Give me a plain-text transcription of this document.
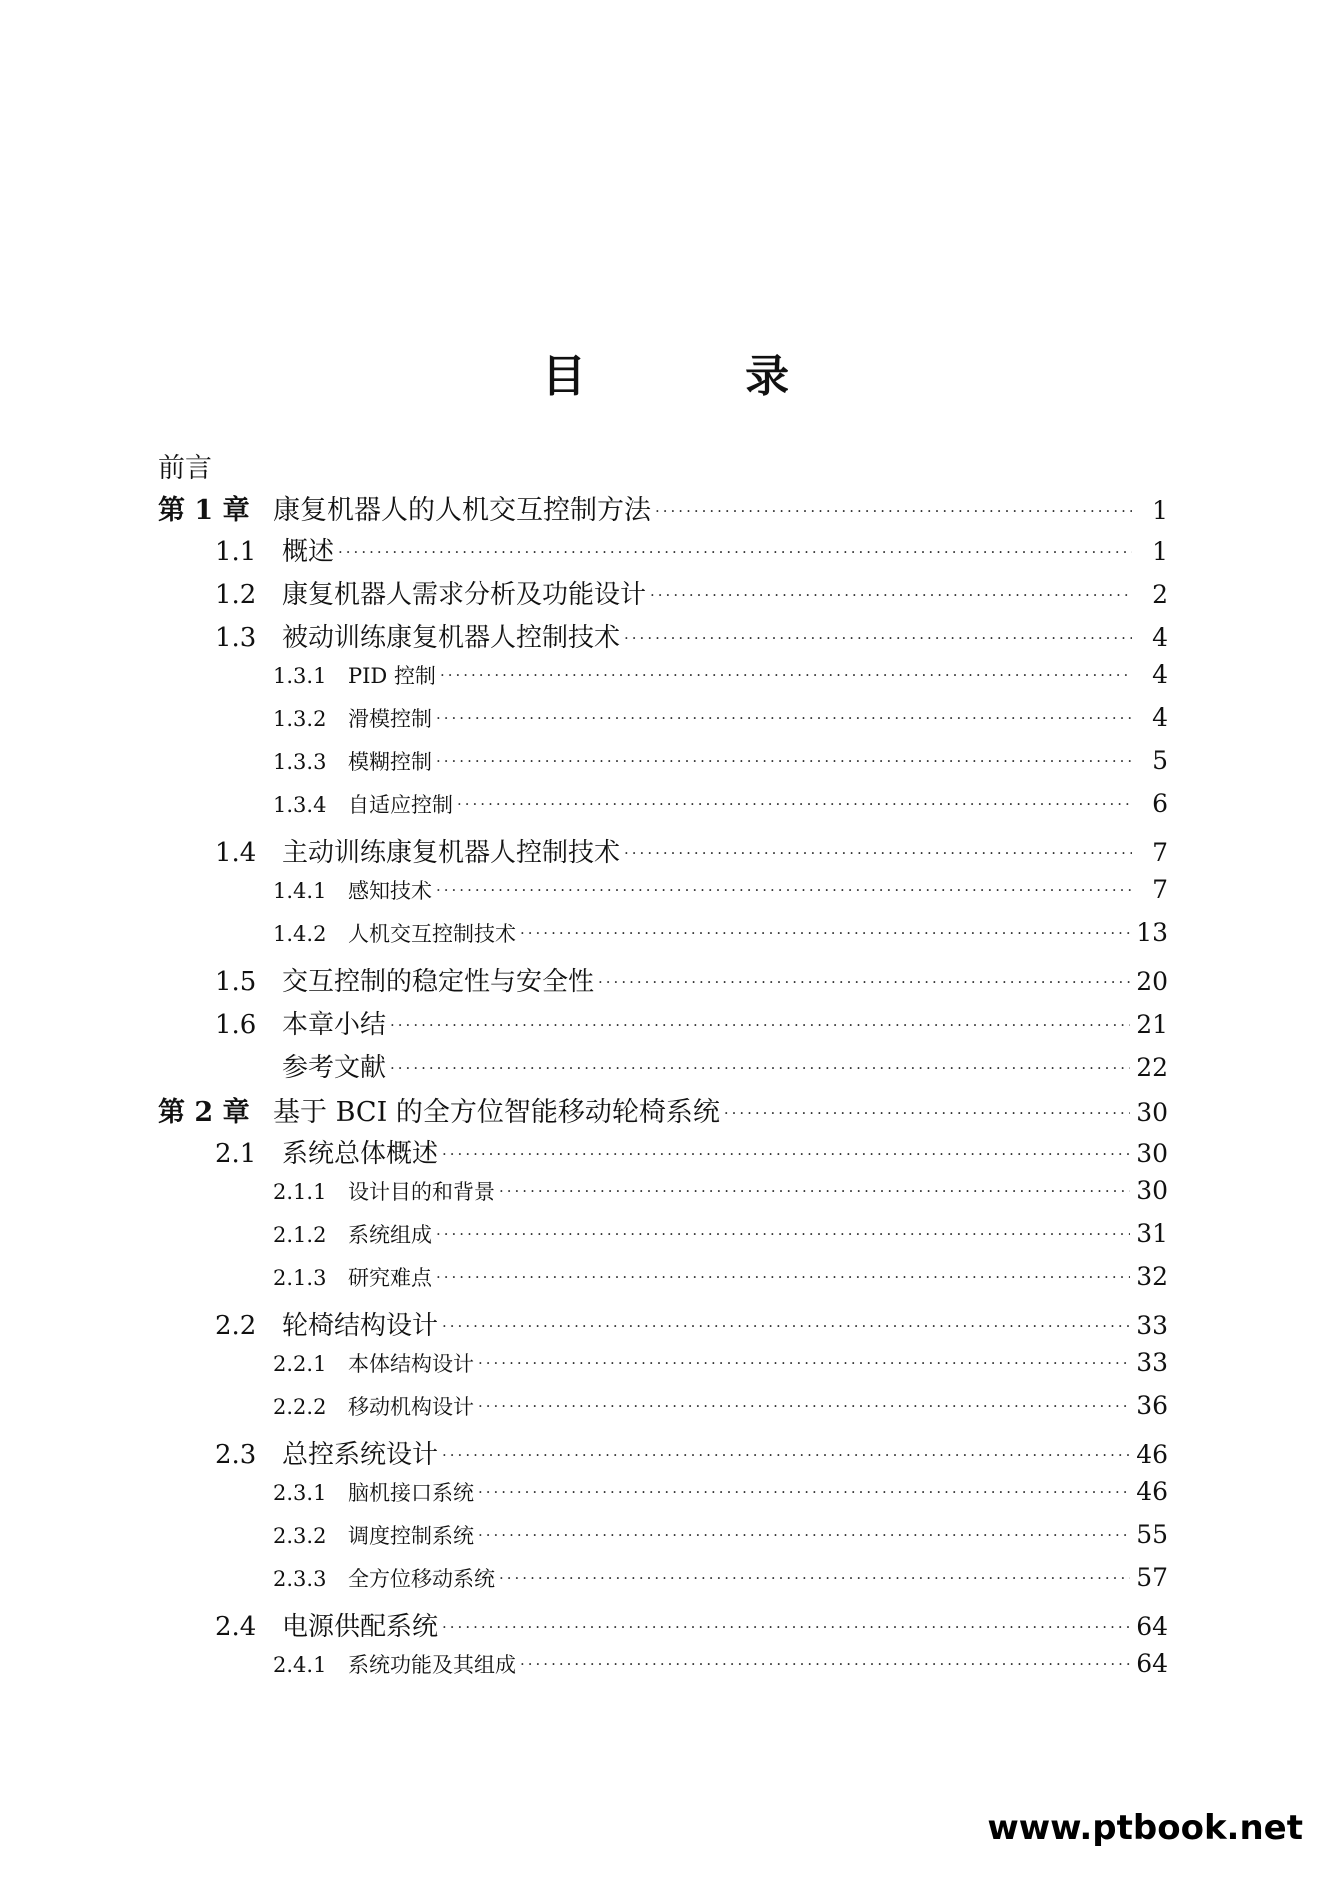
目 录
前言
第 1 章 康复机器人的人机交互控制方法 ·····	1
1.1 概述 ·····	1
1.2 康复机器人需求分析及功能设计 ·····	2
1.3 被动训练康复机器人控制技术 ·····	4
1.3.1	PID 控制 ·····	4
1.3.2	滑模控制 ·····	4
1.3.3	模糊控制 ·····	5
1.3.4	自适应控制 ·····	6
1.4 主动训练康复机器人控制技术 ·····	7
1.4.1	感知技术 ·····	7
1.4.2	人机交互控制技术 ·····	13
1.5 交互控制的稳定性与安全性 ·····	20
1.6 本章小结 ·····	21
参考文献 ·····	22
第 2 章 基于 BCI 的全方位智能移动轮椅系统 ·····	30
2.1 系统总体概述 ·····	30
2.1.1	设计目的和背景 ·····	30
2.1.2	系统组成 ·····	31
2.1.3	研究难点 ·····	32
2.2 轮椅结构设计 ·····	33
2.2.1	本体结构设计 ·····	33
2.2.2	移动机构设计 ·····	36
2.3 总控系统设计 ·····	46
2.3.1	脑机接口系统 ·····	46
2.3.2	调度控制系统 ·····	55
2.3.3	全方位移动系统 ·····	57
2.4 电源供配系统 ·····	64
2.4.1	系统功能及其组成 ·····	64
www.ptbook.net
